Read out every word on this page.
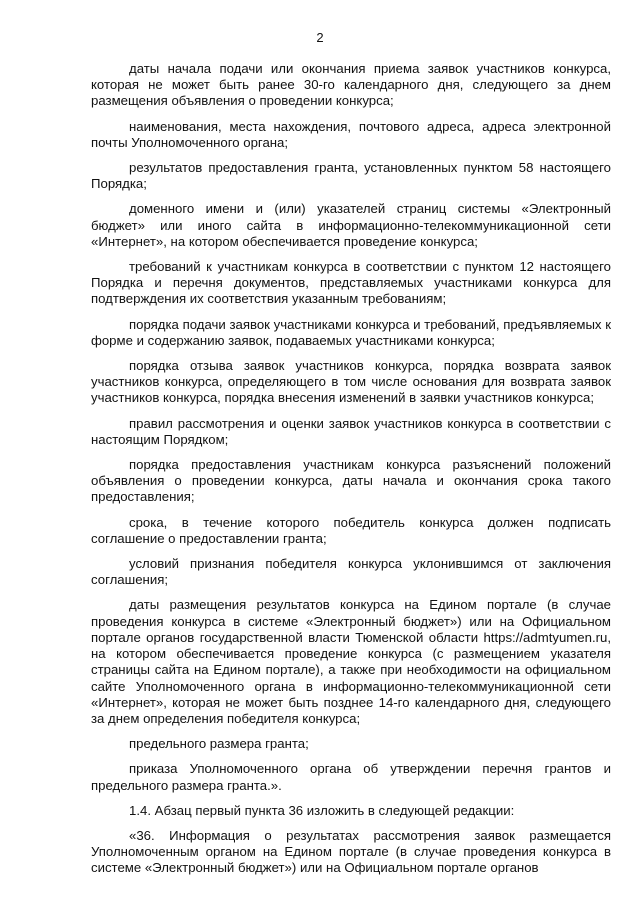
2

даты начала подачи или окончания приема заявок участников конкурса, которая не может быть ранее 30-го календарного дня, следующего за днем размещения объявления о проведении конкурса;

наименования, места нахождения, почтового адреса, адреса электронной почты Уполномоченного органа;

результатов предоставления гранта, установленных пунктом 58 настоящего Порядка;

доменного имени и (или) указателей страниц системы «Электронный бюджет» или иного сайта в информационно-телекоммуникационной сети «Интернет», на котором обеспечивается проведение конкурса;

требований к участникам конкурса в соответствии с пунктом 12 настоящего Порядка и перечня документов, представляемых участниками конкурса для подтверждения их соответствия указанным требованиям;

порядка подачи заявок участниками конкурса и требований, предъявляемых к форме и содержанию заявок, подаваемых участниками конкурса;

порядка отзыва заявок участников конкурса, порядка возврата заявок участников конкурса, определяющего в том числе основания для возврата заявок участников конкурса, порядка внесения изменений в заявки участников конкурса;

правил рассмотрения и оценки заявок участников конкурса в соответствии с настоящим Порядком;

порядка предоставления участникам конкурса разъяснений положений объявления о проведении конкурса, даты начала и окончания срока такого предоставления;

срока, в течение которого победитель конкурса должен подписать соглашение о предоставлении гранта;

условий признания победителя конкурса уклонившимся от заключения соглашения;

даты размещения результатов конкурса на Едином портале (в случае проведения конкурса в системе «Электронный бюджет») или на Официальном портале органов государственной власти Тюменской области https://admtyumen.ru, на котором обеспечивается проведение конкурса (с размещением указателя страницы сайта на Едином портале), а также при необходимости на официальном сайте Уполномоченного органа в информационно-телекоммуникационной сети «Интернет», которая не может быть позднее 14-го календарного дня, следующего за днем определения победителя конкурса;

предельного размера гранта;

приказа Уполномоченного органа об утверждении перечня грантов и предельного размера гранта.».

1.4. Абзац первый пункта 36 изложить в следующей редакции:

«36. Информация о результатах рассмотрения заявок размещается Уполномоченным органом на Едином портале (в случае проведения конкурса в системе «Электронный бюджет») или на Официальном портале органов
